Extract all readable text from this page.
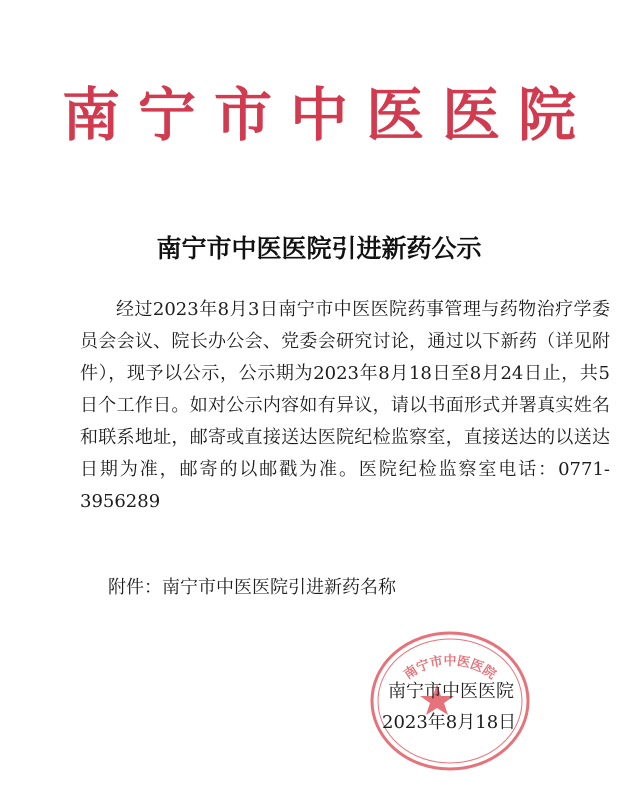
南宁市中医医院
南宁市中医医院引进新药公示
经过2023年8月3日南宁市中医医院药事管理与药物治疗学委员会会议、院长办公会、党委会研究讨论，通过以下新药（详见附件），现予以公示，公示期为2023年8月18日至8月24日止，共5日个工作日。如对公示内容如有异议，请以书面形式并署真实姓名和联系地址，邮寄或直接送达医院纪检监察室，直接送达的以送达日期为准，邮寄的以邮戳为准。医院纪检监察室电话：0771-3956289
附件：南宁市中医医院引进新药名称
南宁市中医医院
南宁市中医医院
2023年8月18日
